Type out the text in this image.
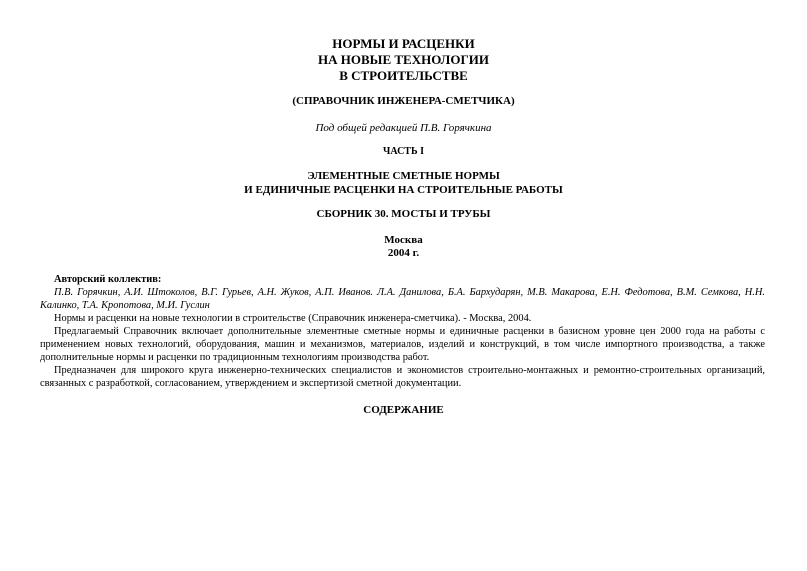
НОРМЫ И РАСЦЕНКИ
НА НОВЫЕ ТЕХНОЛОГИИ
В СТРОИТЕЛЬСТВЕ
(СПРАВОЧНИК ИНЖЕНЕРА-СМЕТЧИКА)
Под общей редакцией П.В. Горячкина
ЧАСТЬ I
ЭЛЕМЕНТНЫЕ СМЕТНЫЕ НОРМЫ
И ЕДИНИЧНЫЕ РАСЦЕНКИ НА СТРОИТЕЛЬНЫЕ РАБОТЫ
СБОРНИК 30. МОСТЫ И ТРУБЫ
Москва
2004 г.

Авторский коллектив:

П.В. Горячкин, А.И. Штоколов, В.Г. Гурьев, А.Н. Жуков, А.П. Иванов. Л.А. Данилова, Б.А. Бархударян, М.В. Макарова, Е.Н. Федотова, В.М. Семкова, Н.Н. Калинко, Т.А. Кропотова, М.И. Гуслин

Нормы и расценки на новые технологии в строительстве (Справочник инженера-сметчика). - Москва, 2004.

Предлагаемый Справочник включает дополнительные элементные сметные нормы и единичные расценки в базисном уровне цен 2000 года на работы с применением новых технологий, оборудования, машин и механизмов, материалов, изделий и конструкций, в том числе импортного производства, а также дополнительные нормы и расценки по традиционным технологиям производства работ.

Предназначен для широкого круга инженерно-технических специалистов и экономистов строительно-монтажных и ремонтно-строительных организаций, связанных с разработкой, согласованием, утверждением и экспертизой сметной документации.

СОДЕРЖАНИЕ
